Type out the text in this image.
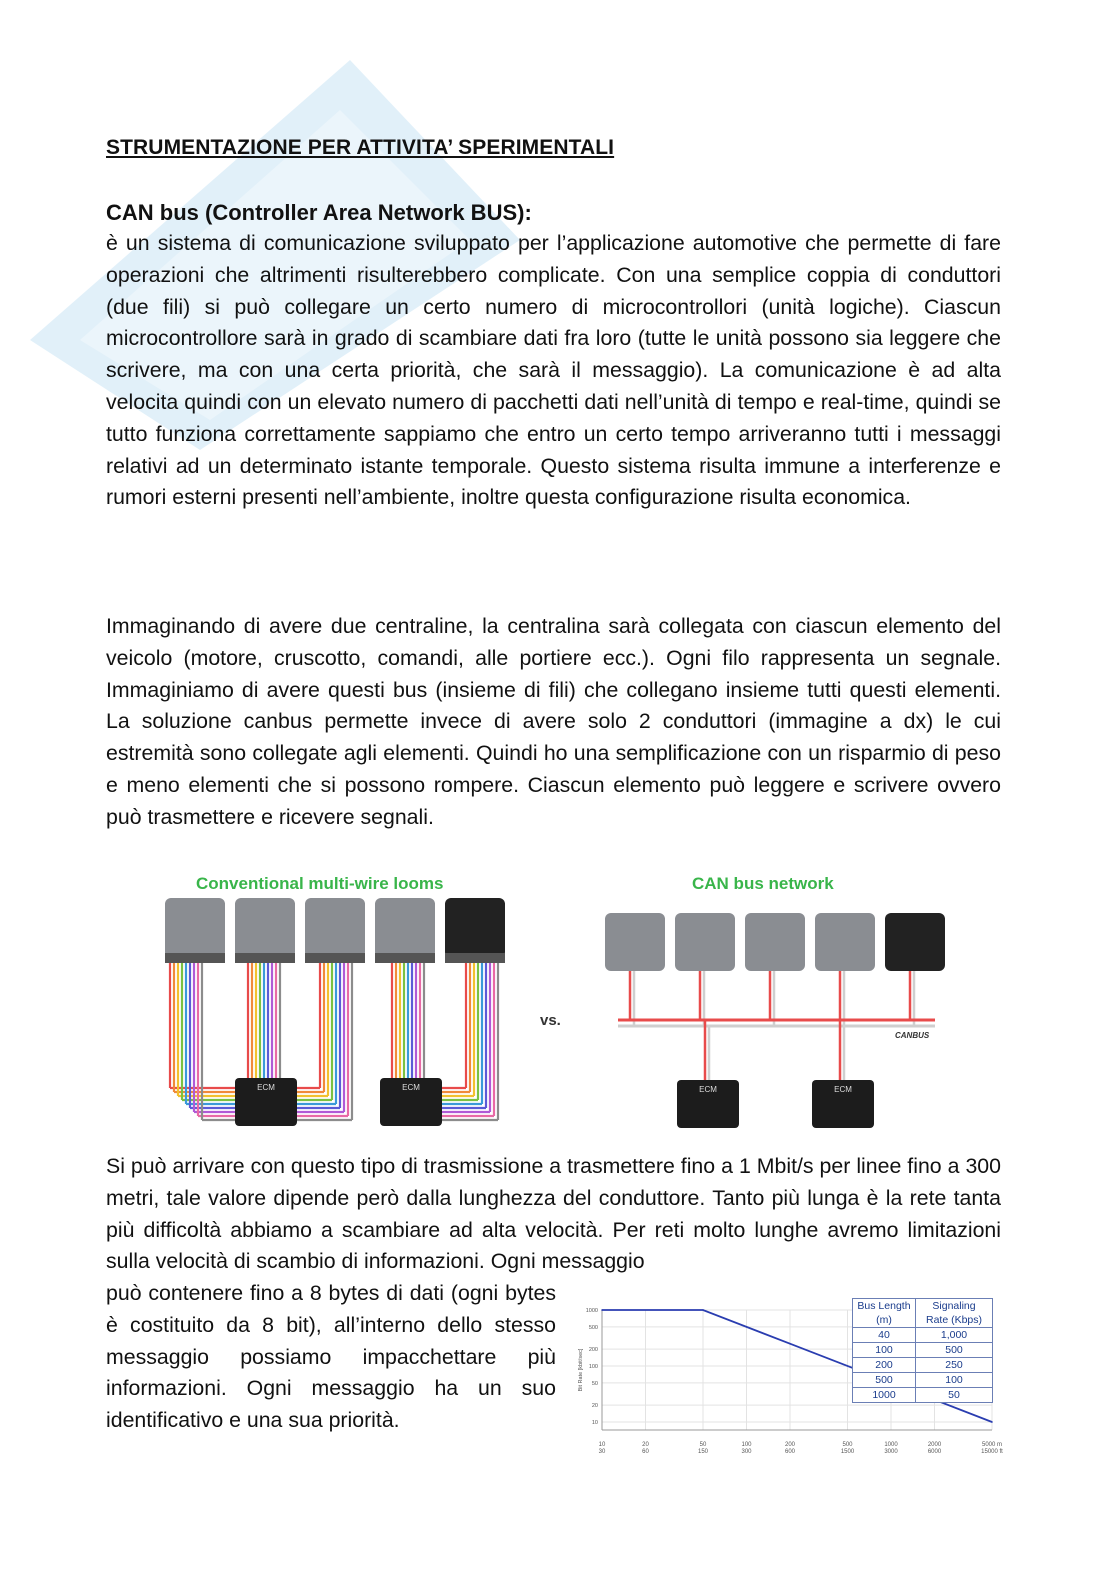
STRUMENTAZIONE PER ATTIVITA’ SPERIMENTALI
CAN bus (Controller Area Network BUS):

è un sistema di comunicazione sviluppato per l’applicazione automotive che permette di fare operazioni che altrimenti risulterebbero complicate. Con una semplice coppia di conduttori (due fili) si può collegare un certo numero di microcontrollori (unità logiche). Ciascun microcontrollore sarà in grado di scambiare dati fra loro (tutte le unità possono sia leggere che scrivere, ma con una certa priorità, che sarà il messaggio). La comunicazione è ad alta velocita quindi con un elevato numero di pacchetti dati nell’unità di tempo e real-time, quindi se tutto funziona correttamente sappiamo che entro un certo tempo arriveranno tutti i messaggi relativi ad un determinato istante temporale. Questo sistema risulta immune a interferenze e rumori esterni presenti nell’ambiente, inoltre questa configurazione risulta economica.

Immaginando di avere due centraline, la centralina sarà collegata con ciascun elemento del veicolo (motore, cruscotto, comandi, alle portiere ecc.). Ogni filo rappresenta un segnale. Immaginiamo di avere questi bus (insieme di fili) che collegano insieme tutti questi elementi. La soluzione canbus permette invece di avere solo 2 conduttori (immagine a dx) le cui estremità sono collegate agli elementi. Quindi ho una semplificazione con un risparmio di peso e meno elementi che si possono rompere. Ciascun elemento può leggere e scrivere ovvero può trasmettere e ricevere segnali.

Conventional multi-wire looms	CAN bus network
ECM	ECM	ECM	ECM
vs.
CANBUS

Si può arrivare con questo tipo di trasmissione a trasmettere fino a 1 Mbit/s per linee fino a 300 metri, tale valore dipende però dalla lunghezza del conduttore. Tanto più lunga è la rete tanta più difficoltà abbiamo a scambiare ad alta velocità. Per reti molto lunghe avremo limitazioni sulla velocità di scambio di informazioni. Ogni messaggio

può contenere fino a 8 bytes di dati (ogni bytes è costituito da 8 bit), all’interno dello stesso messaggio possiamo impacchettare più informazioni. Ogni messaggio ha un suo identificativo e una sua priorità.

10
30
20
60
50
150
100
300
200
600
500
1500
1000
3000
2000
6000
5000 m
15000 ft
1000
500
200
100
50
20
10
Bit Rate [kbit/sec]
Bus Length (m)	Signaling Rate (Kbps)
40	1,000
100	500
200	250
500	100
1000	50
